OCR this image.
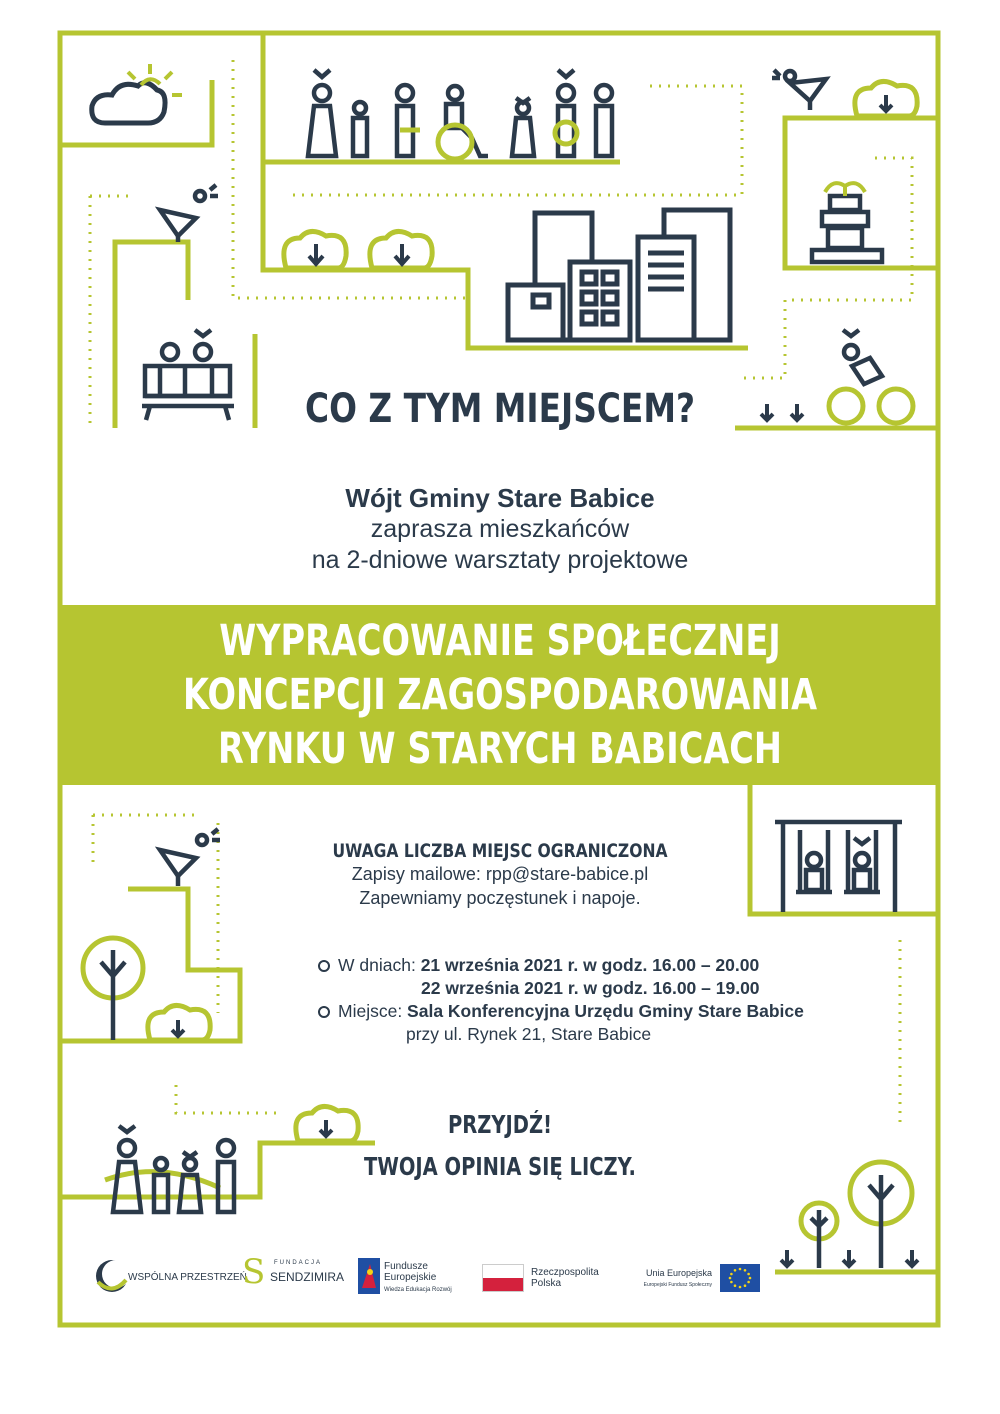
CO Z TYM MIEJSCEM?
Wójt Gminy Stare Babice
zaprasza mieszkańców
na 2-dniowe warsztaty projektowe
WYPRACOWANIE SPOŁECZNEJ
KONCEPCJI ZAGOSPODAROWANIA
RYNKU W STARYCH BABICACH
UWAGA LICZBA MIEJSC OGRANICZONA
Zapisy mailowe: rpp@stare-babice.pl
Zapewniamy poczęstunek i napoje.
W dniach: 21 września 2021 r. w godz. 16.00 – 20.00
22 września 2021 r. w godz. 16.00 – 19.00
Miejsce: Sala Konferencyjna Urzędu Gminy Stare Babice
przy ul. Rynek 21, Stare Babice
PRZYJDŹ!
TWOJA OPINIA SIĘ LICZY.
WSPÓLNA PRZESTRZEŃ
S FUNDACJA
SENDZIMIRA
Fundusze
Europejskie
Wiedza Edukacja Rozwój
Rzeczpospolita
Polska
Unia Europejska
Europejski Fundusz Społeczny
